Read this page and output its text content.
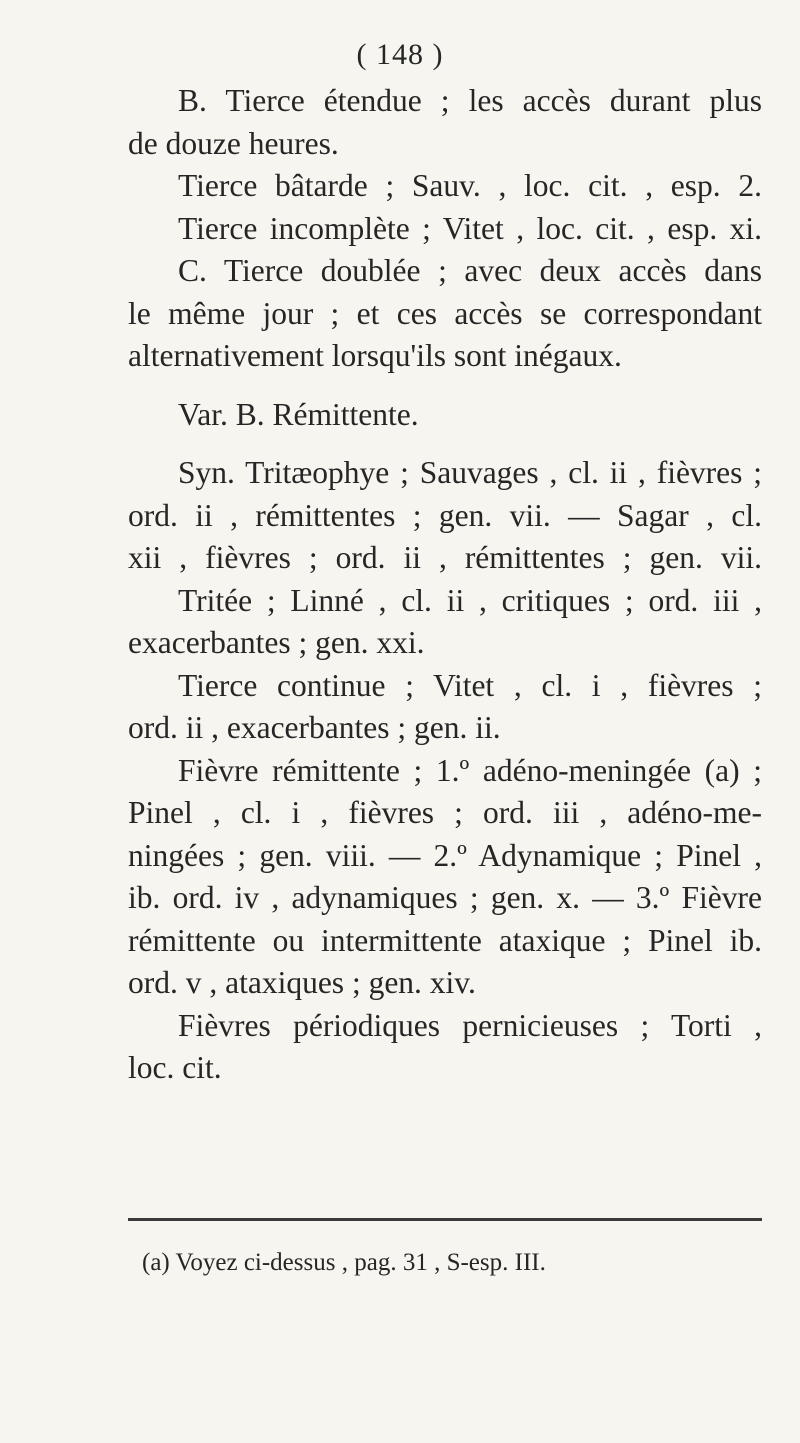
( 148 )
B. Tierce étendue ; les accès durant plus
de douze heures.
Tierce bâtarde ; Sauv. , loc. cit. , esp. 2.
Tierce incomplète ; Vitet , loc. cit. , esp. xi.
C. Tierce doublée ; avec deux accès dans
le même jour ; et ces accès se correspondant
alternativement lorsqu'ils sont inégaux.
Var. B. Rémittente.
Syn. Tritæophye ; Sauvages , cl. ii , fièvres ;
ord. ii , rémittentes ; gen. vii. — Sagar , cl.
xii , fièvres ; ord. ii , rémittentes ; gen. vii.
Tritée ; Linné , cl. ii , critiques ; ord. iii ,
exacerbantes ; gen. xxi.
Tierce continue ; Vitet , cl. i , fièvres ;
ord. ii , exacerbantes ; gen. ii.
Fièvre rémittente ; 1.º adéno-meningée (a) ;
Pinel , cl. i , fièvres ; ord. iii , adéno-me-
ningées ; gen. viii. — 2.º Adynamique ; Pinel ,
ib. ord. iv , adynamiques ; gen. x. — 3.º Fièvre
rémittente ou intermittente ataxique ; Pinel ib.
ord. v , ataxiques ; gen. xiv.
Fièvres périodiques pernicieuses ; Torti ,
loc. cit.
(a) Voyez ci-dessus , pag. 31 , S-esp. III.
